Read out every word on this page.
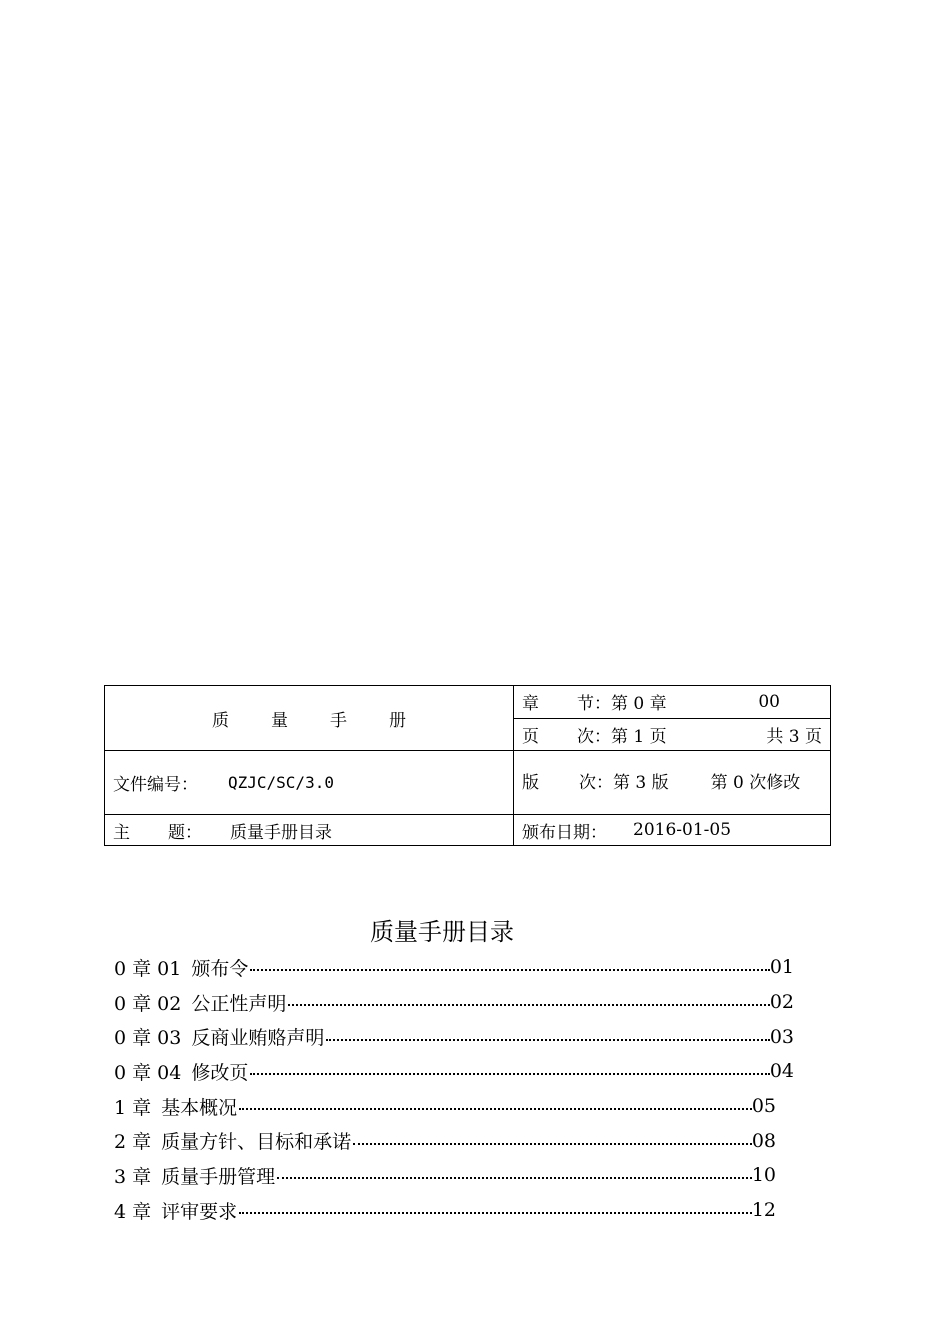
质 量 手 册	章 节： 第 0 章 00

	页 次： 第 1 页 共 3 页

文件编号： QZJC/SC/3.0	版 次：第 3 版 第 0 次修改

主 题： 质量手册目录	颁布日期： 2016-01-05
质量手册目录
0 章 01 颁布令	01
0 章 02 公正性声明	02
0 章 03 反商业贿赂声明	03
0 章 04 修改页	04
1 章 基本概况	05
2 章 质量方针、目标和承诺	08
3 章 质量手册管理	10
4 章 评审要求	12
